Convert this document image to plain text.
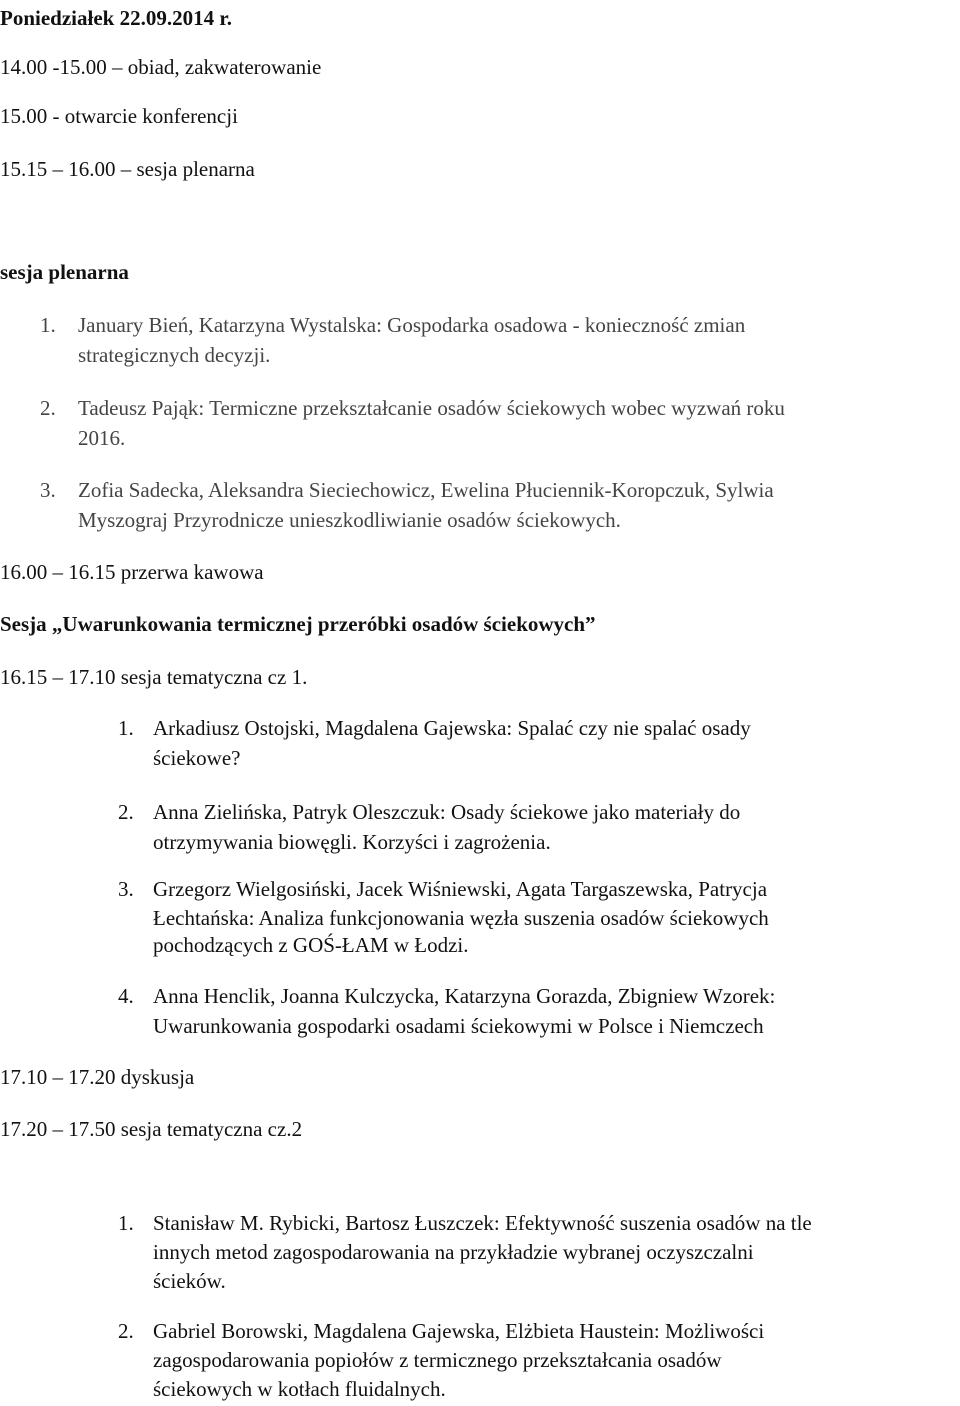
Poniedziałek 22.09.2014 r.

14.00 -15.00 – obiad, zakwaterowanie

15.00 - otwarcie konferencji

15.15 – 16.00 – sesja plenarna

sesja plenarna

1. January Bień, Katarzyna Wystalska: Gospodarka osadowa - konieczność zmian

strategicznych decyzji.

2. Tadeusz Pająk: Termiczne przekształcanie osadów ściekowych wobec wyzwań roku

2016.

3. Zofia Sadecka, Aleksandra Sieciechowicz, Ewelina Płuciennik-Koropczuk, Sylwia

Myszograj Przyrodnicze unieszkodliwianie osadów ściekowych.

16.00 – 16.15 przerwa kawowa

Sesja „Uwarunkowania termicznej przeróbki osadów ściekowych”

16.15 – 17.10 sesja tematyczna cz 1.

1. Arkadiusz Ostojski, Magdalena Gajewska: Spalać czy nie spalać osady

ściekowe?

2. Anna Zielińska, Patryk Oleszczuk: Osady ściekowe jako materiały do

otrzymywania biowęgli. Korzyści i zagrożenia.

3. Grzegorz Wielgosiński, Jacek Wiśniewski, Agata Targaszewska, Patrycja

Łechtańska: Analiza funkcjonowania węzła suszenia osadów ściekowych

pochodzących z GOŚ-ŁAM w Łodzi.

4. Anna Henclik, Joanna Kulczycka, Katarzyna Gorazda, Zbigniew Wzorek:

Uwarunkowania gospodarki osadami ściekowymi w Polsce i Niemczech

17.10 – 17.20 dyskusja

17.20 – 17.50 sesja tematyczna cz.2

1. Stanisław M. Rybicki, Bartosz Łuszczek: Efektywność suszenia osadów na tle

innych metod zagospodarowania na przykładzie wybranej oczyszczalni

ścieków.

2. Gabriel Borowski, Magdalena Gajewska, Elżbieta Haustein: Możliwości

zagospodarowania popiołów z termicznego przekształcania osadów

ściekowych w kotłach fluidalnych.
